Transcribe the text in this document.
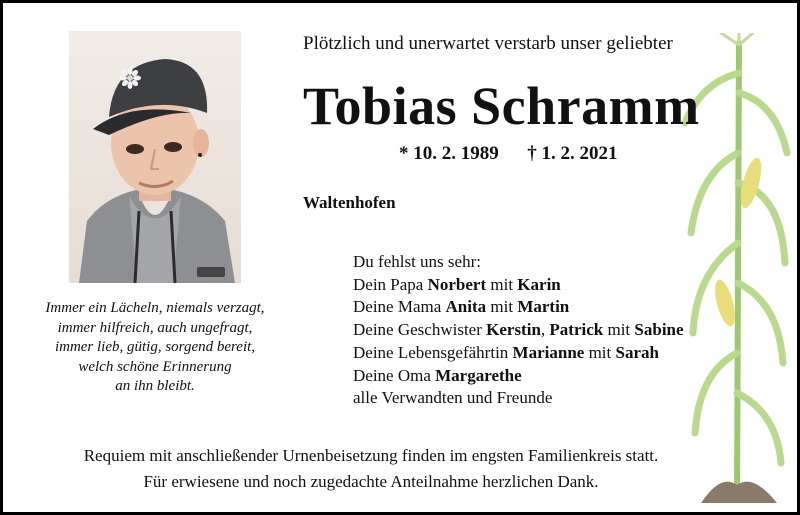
Plötzlich und unerwartet verstarb unser geliebter
Tobias Schramm
* 10. 2. 1989 † 1. 2. 2021
Waltenhofen
Immer ein Lächeln, niemals verzagt,
immer hilfreich, auch ungefragt,
immer lieb, gütig, sorgend bereit,
welch schöne Erinnerung
an ihn bleibt.
Du fehlst uns sehr:
Dein Papa Norbert mit Karin
Deine Mama Anita mit Martin
Deine Geschwister Kerstin, Patrick mit Sabine
Deine Lebensgefährtin Marianne mit Sarah
Deine Oma Margarethe
alle Verwandten und Freunde
Requiem mit anschließender Urnenbeisetzung finden im engsten Familienkreis statt.
Für erwiesene und noch zugedachte Anteilnahme herzlichen Dank.
